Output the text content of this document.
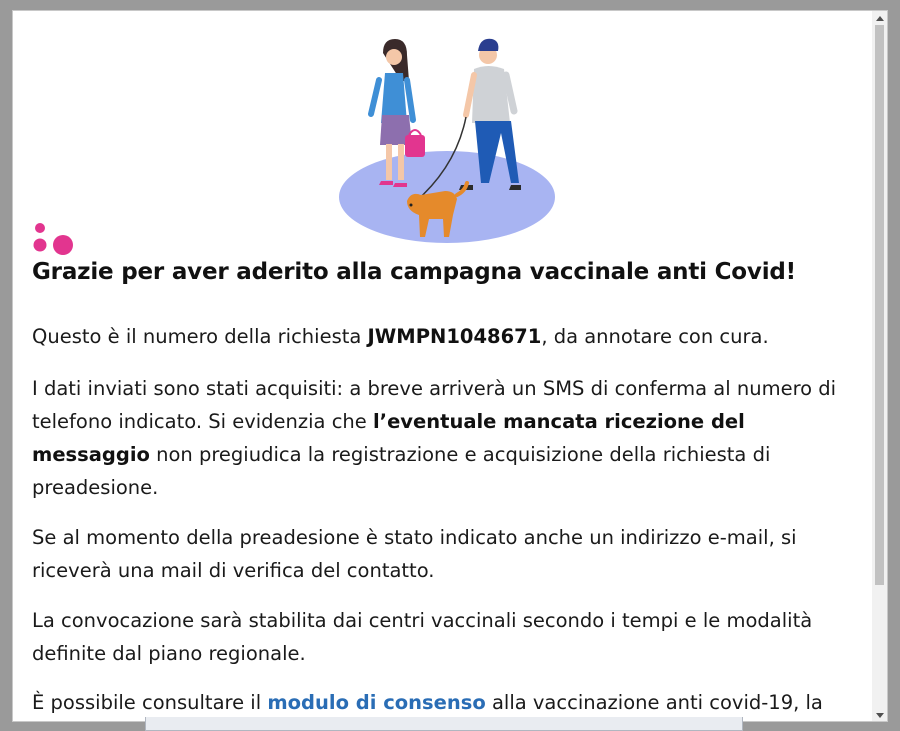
Grazie per aver aderito alla campagna vaccinale anti Covid!

Questo è il numero della richiesta JWMPN1048671, da annotare con cura.

I dati inviati sono stati acquisiti: a breve arriverà un SMS di conferma al numero di telefono indicato. Si evidenzia che l’eventuale mancata ricezione del messaggio non pregiudica la registrazione e acquisizione della richiesta di preadesione.

Se al momento della preadesione è stato indicato anche un indirizzo e-mail, si riceverà una mail di verifica del contatto.

La convocazione sarà stabilita dai centri vaccinali secondo i tempi e le modalità definite dal piano regionale.

È possibile consultare il modulo di consenso alla vaccinazione anti covid-19, la
